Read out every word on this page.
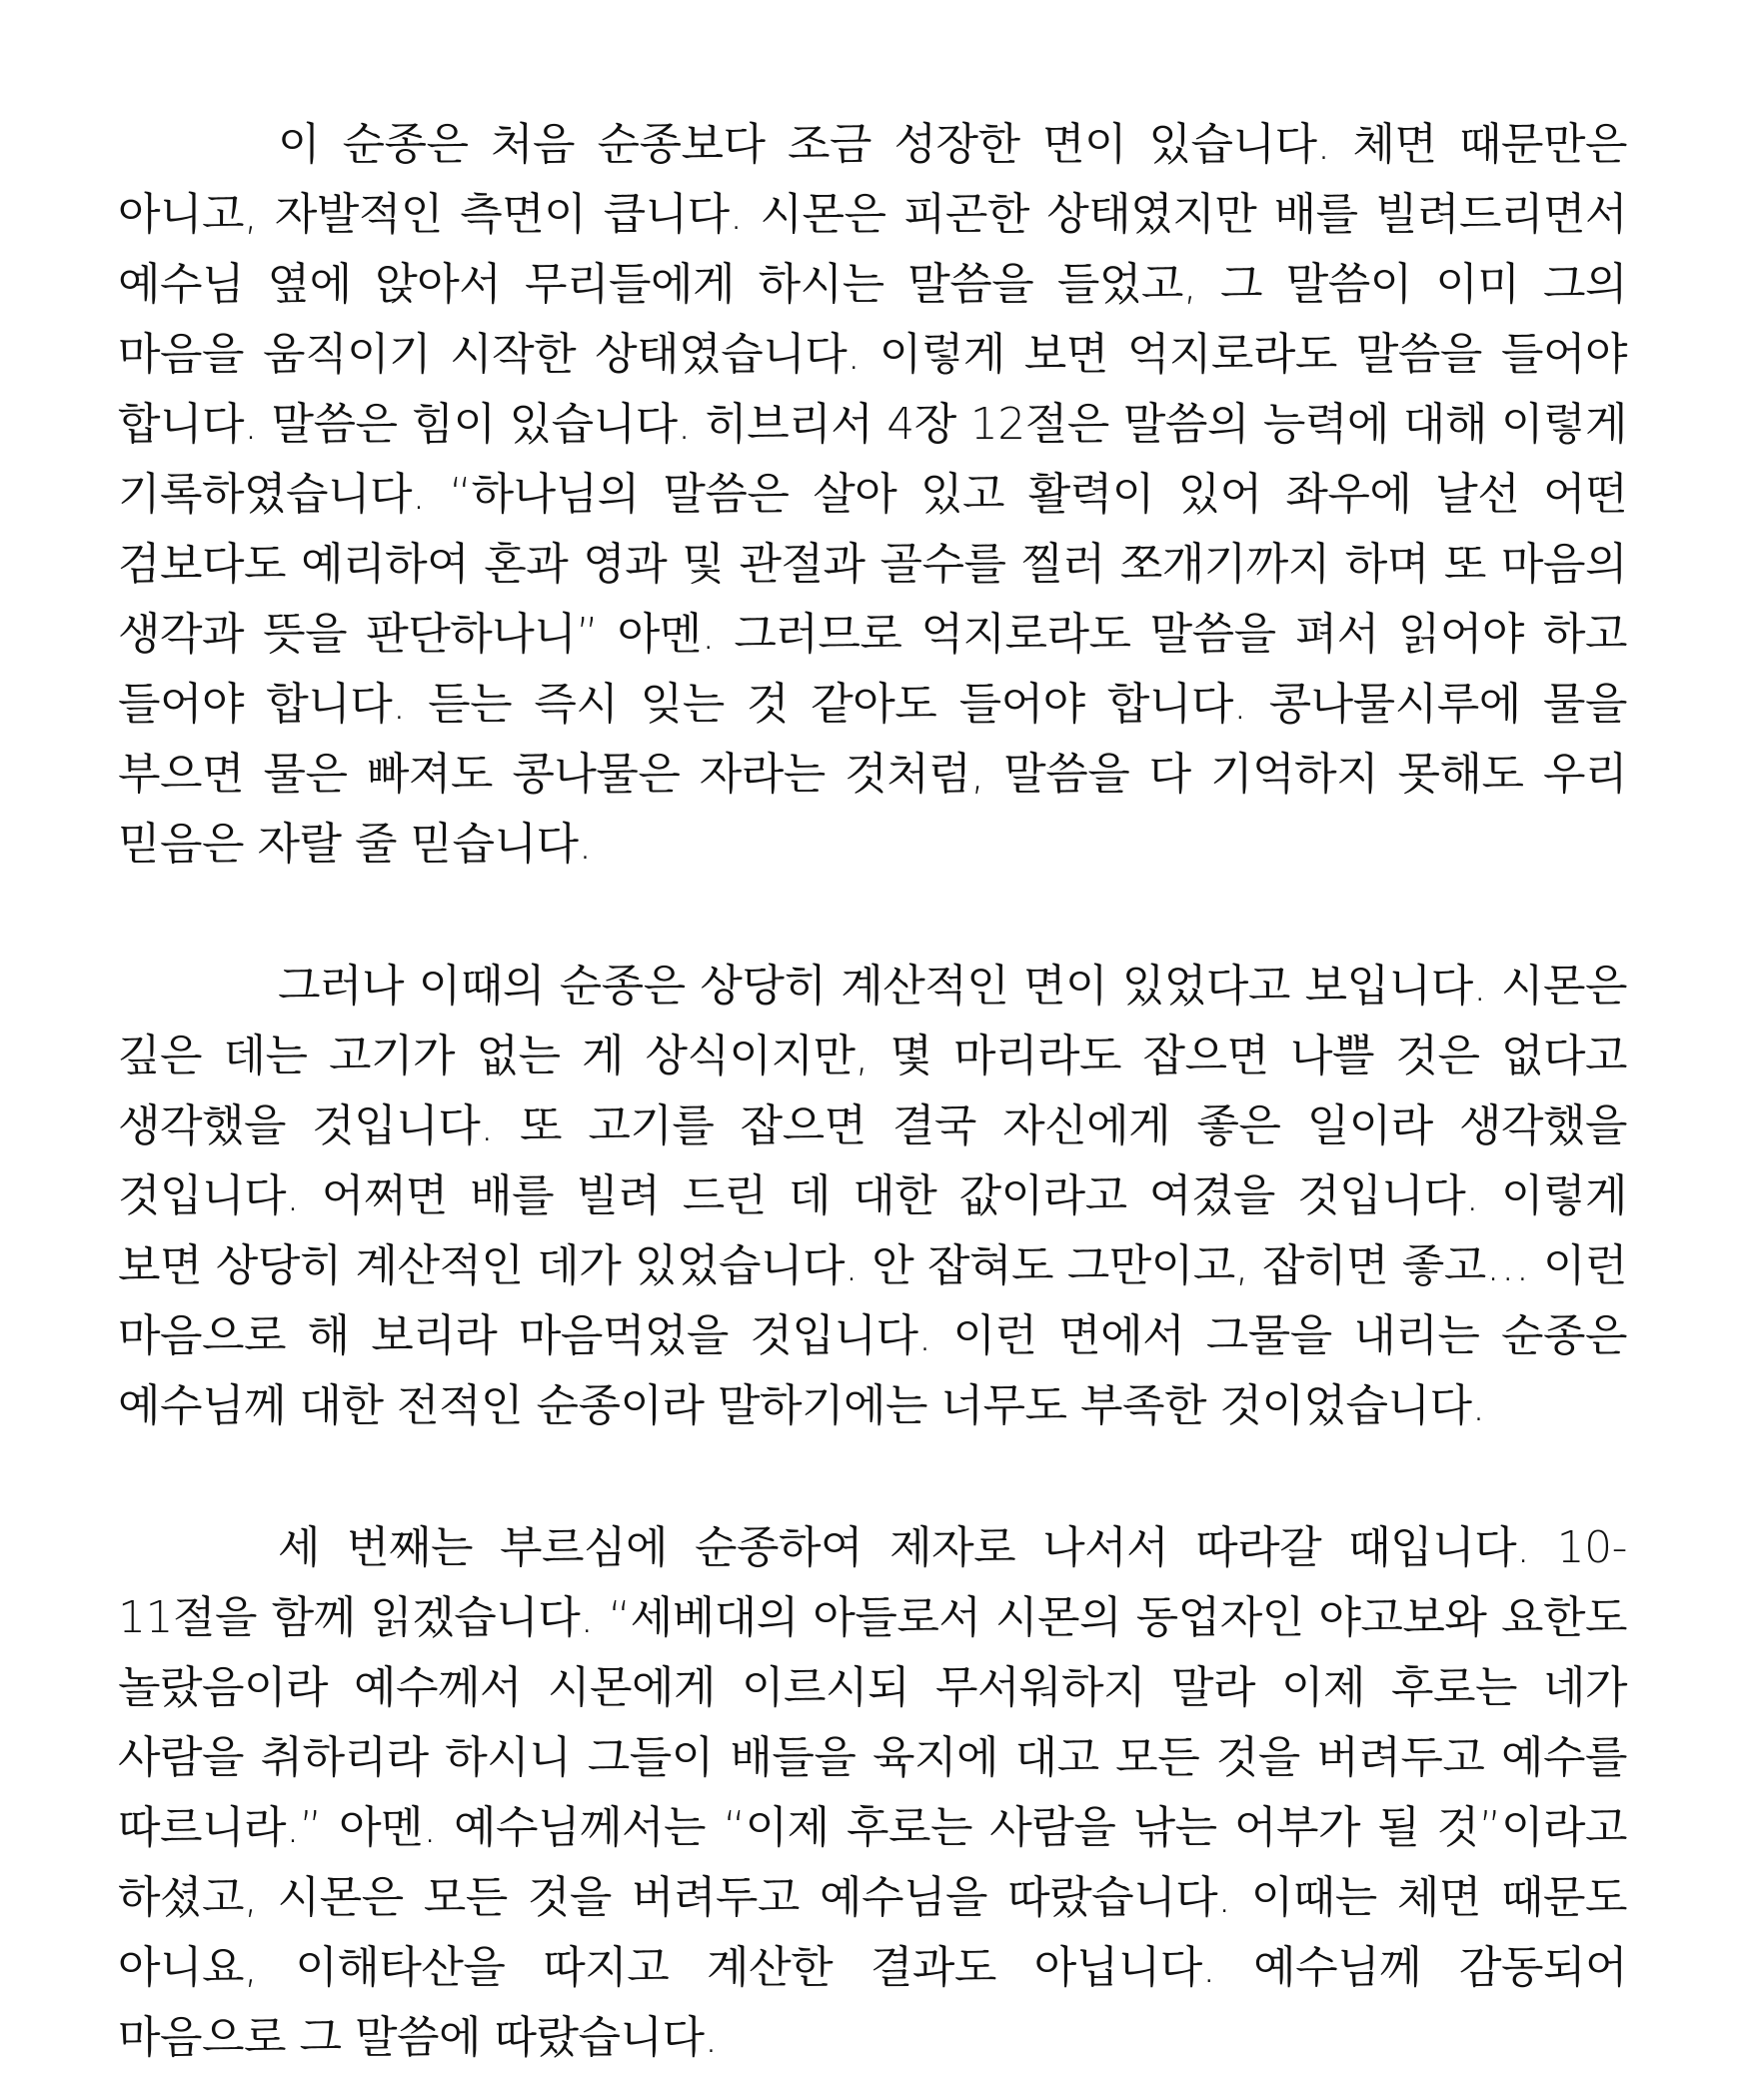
이 순종은 처음 순종보다 조금 성장한 면이 있습니다. 체면 때문만은 아니고, 자발적인 측면이 큽니다. 시몬은 피곤한 상태였지만 배를 빌려드리면서 예수님 옆에 앉아서 무리들에게 하시는 말씀을 들었고, 그 말씀이 이미 그의 마음을 움직이기 시작한 상태였습니다. 이렇게 보면 억지로라도 말씀을 들어야 합니다. 말씀은 힘이 있습니다. 히브리서 4장 12절은 말씀의 능력에 대해 이렇게 기록하였습니다. “하나님의 말씀은 살아 있고 활력이 있어 좌우에 날선 어떤 검보다도 예리하여 혼과 영과 및 관절과 골수를 찔러 쪼개기까지 하며 또 마음의 생각과 뜻을 판단하나니” 아멘. 그러므로 억지로라도 말씀을 펴서 읽어야 하고 들어야 합니다. 듣는 즉시 잊는 것 같아도 들어야 합니다. 콩나물시루에 물을 부으면 물은 빠져도 콩나물은 자라는 것처럼, 말씀을 다 기억하지 못해도 우리 믿음은 자랄 줄 믿습니다.

그러나 이때의 순종은 상당히 계산적인 면이 있었다고 보입니다. 시몬은 깊은 데는 고기가 없는 게 상식이지만, 몇 마리라도 잡으면 나쁠 것은 없다고 생각했을 것입니다. 또 고기를 잡으면 결국 자신에게 좋은 일이라 생각했을 것입니다. 어쩌면 배를 빌려 드린 데 대한 값이라고 여겼을 것입니다. 이렇게 보면 상당히 계산적인 데가 있었습니다. 안 잡혀도 그만이고, 잡히면 좋고… 이런 마음으로 해 보리라 마음먹었을 것입니다. 이런 면에서 그물을 내리는 순종은 예수님께 대한 전적인 순종이라 말하기에는 너무도 부족한 것이었습니다.

세 번째는 부르심에 순종하여 제자로 나서서 따라갈 때입니다. 10-11절을 함께 읽겠습니다. “세베대의 아들로서 시몬의 동업자인 야고보와 요한도 놀랐음이라 예수께서 시몬에게 이르시되 무서워하지 말라 이제 후로는 네가 사람을 취하리라 하시니 그들이 배들을 육지에 대고 모든 것을 버려두고 예수를 따르니라.” 아멘. 예수님께서는 “이제 후로는 사람을 낚는 어부가 될 것”이라고 하셨고, 시몬은 모든 것을 버려두고 예수님을 따랐습니다. 이때는 체면 때문도 아니요, 이해타산을 따지고 계산한 결과도 아닙니다. 예수님께 감동되어 마음으로 그 말씀에 따랐습니다.
